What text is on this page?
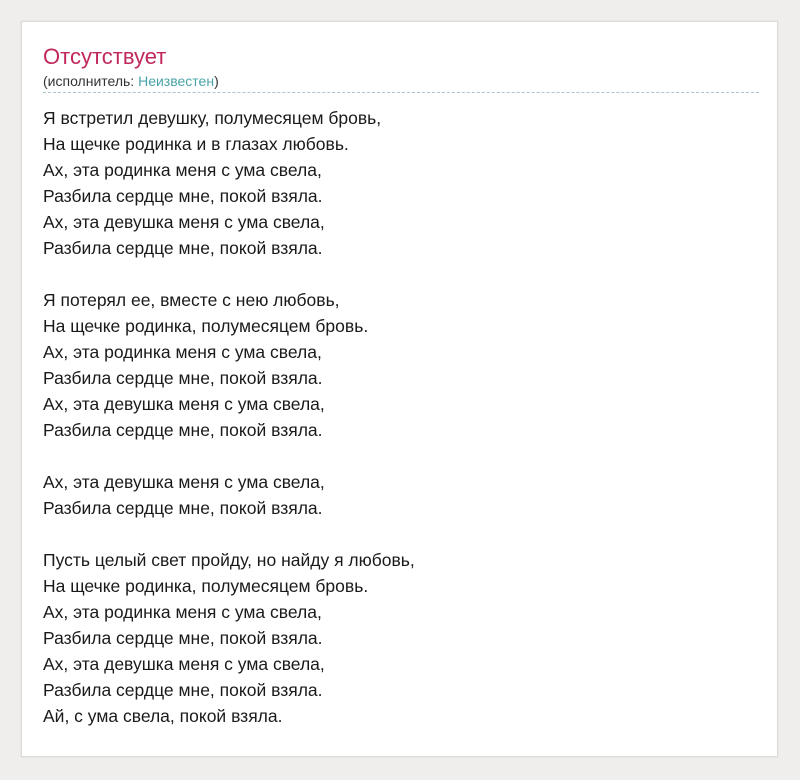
Отсутствует
(исполнитель: Неизвестен)
Я встретил девушку, полумесяцем бровь,
На щечке родинка и в глазах любовь.
Ах, эта родинка меня с ума свела,
Разбила сердце мне, покой взяла.
Ах, эта девушка меня с ума свела,
Разбила сердце мне, покой взяла.
Я потерял ее, вместе с нею любовь,
На щечке родинка, полумесяцем бровь.
Ах, эта родинка меня с ума свела,
Разбила сердце мне, покой взяла.
Ах, эта девушка меня с ума свела,
Разбила сердце мне, покой взяла.
Ах, эта девушка меня с ума свела,
Разбила сердце мне, покой взяла.
Пусть целый свет пройду, но найду я любовь,
На щечке родинка, полумесяцем бровь.
Ах, эта родинка меня с ума свела,
Разбила сердце мне, покой взяла.
Ах, эта девушка меня с ума свела,
Разбила сердце мне, покой взяла.
Ай, с ума свела, покой взяла.
